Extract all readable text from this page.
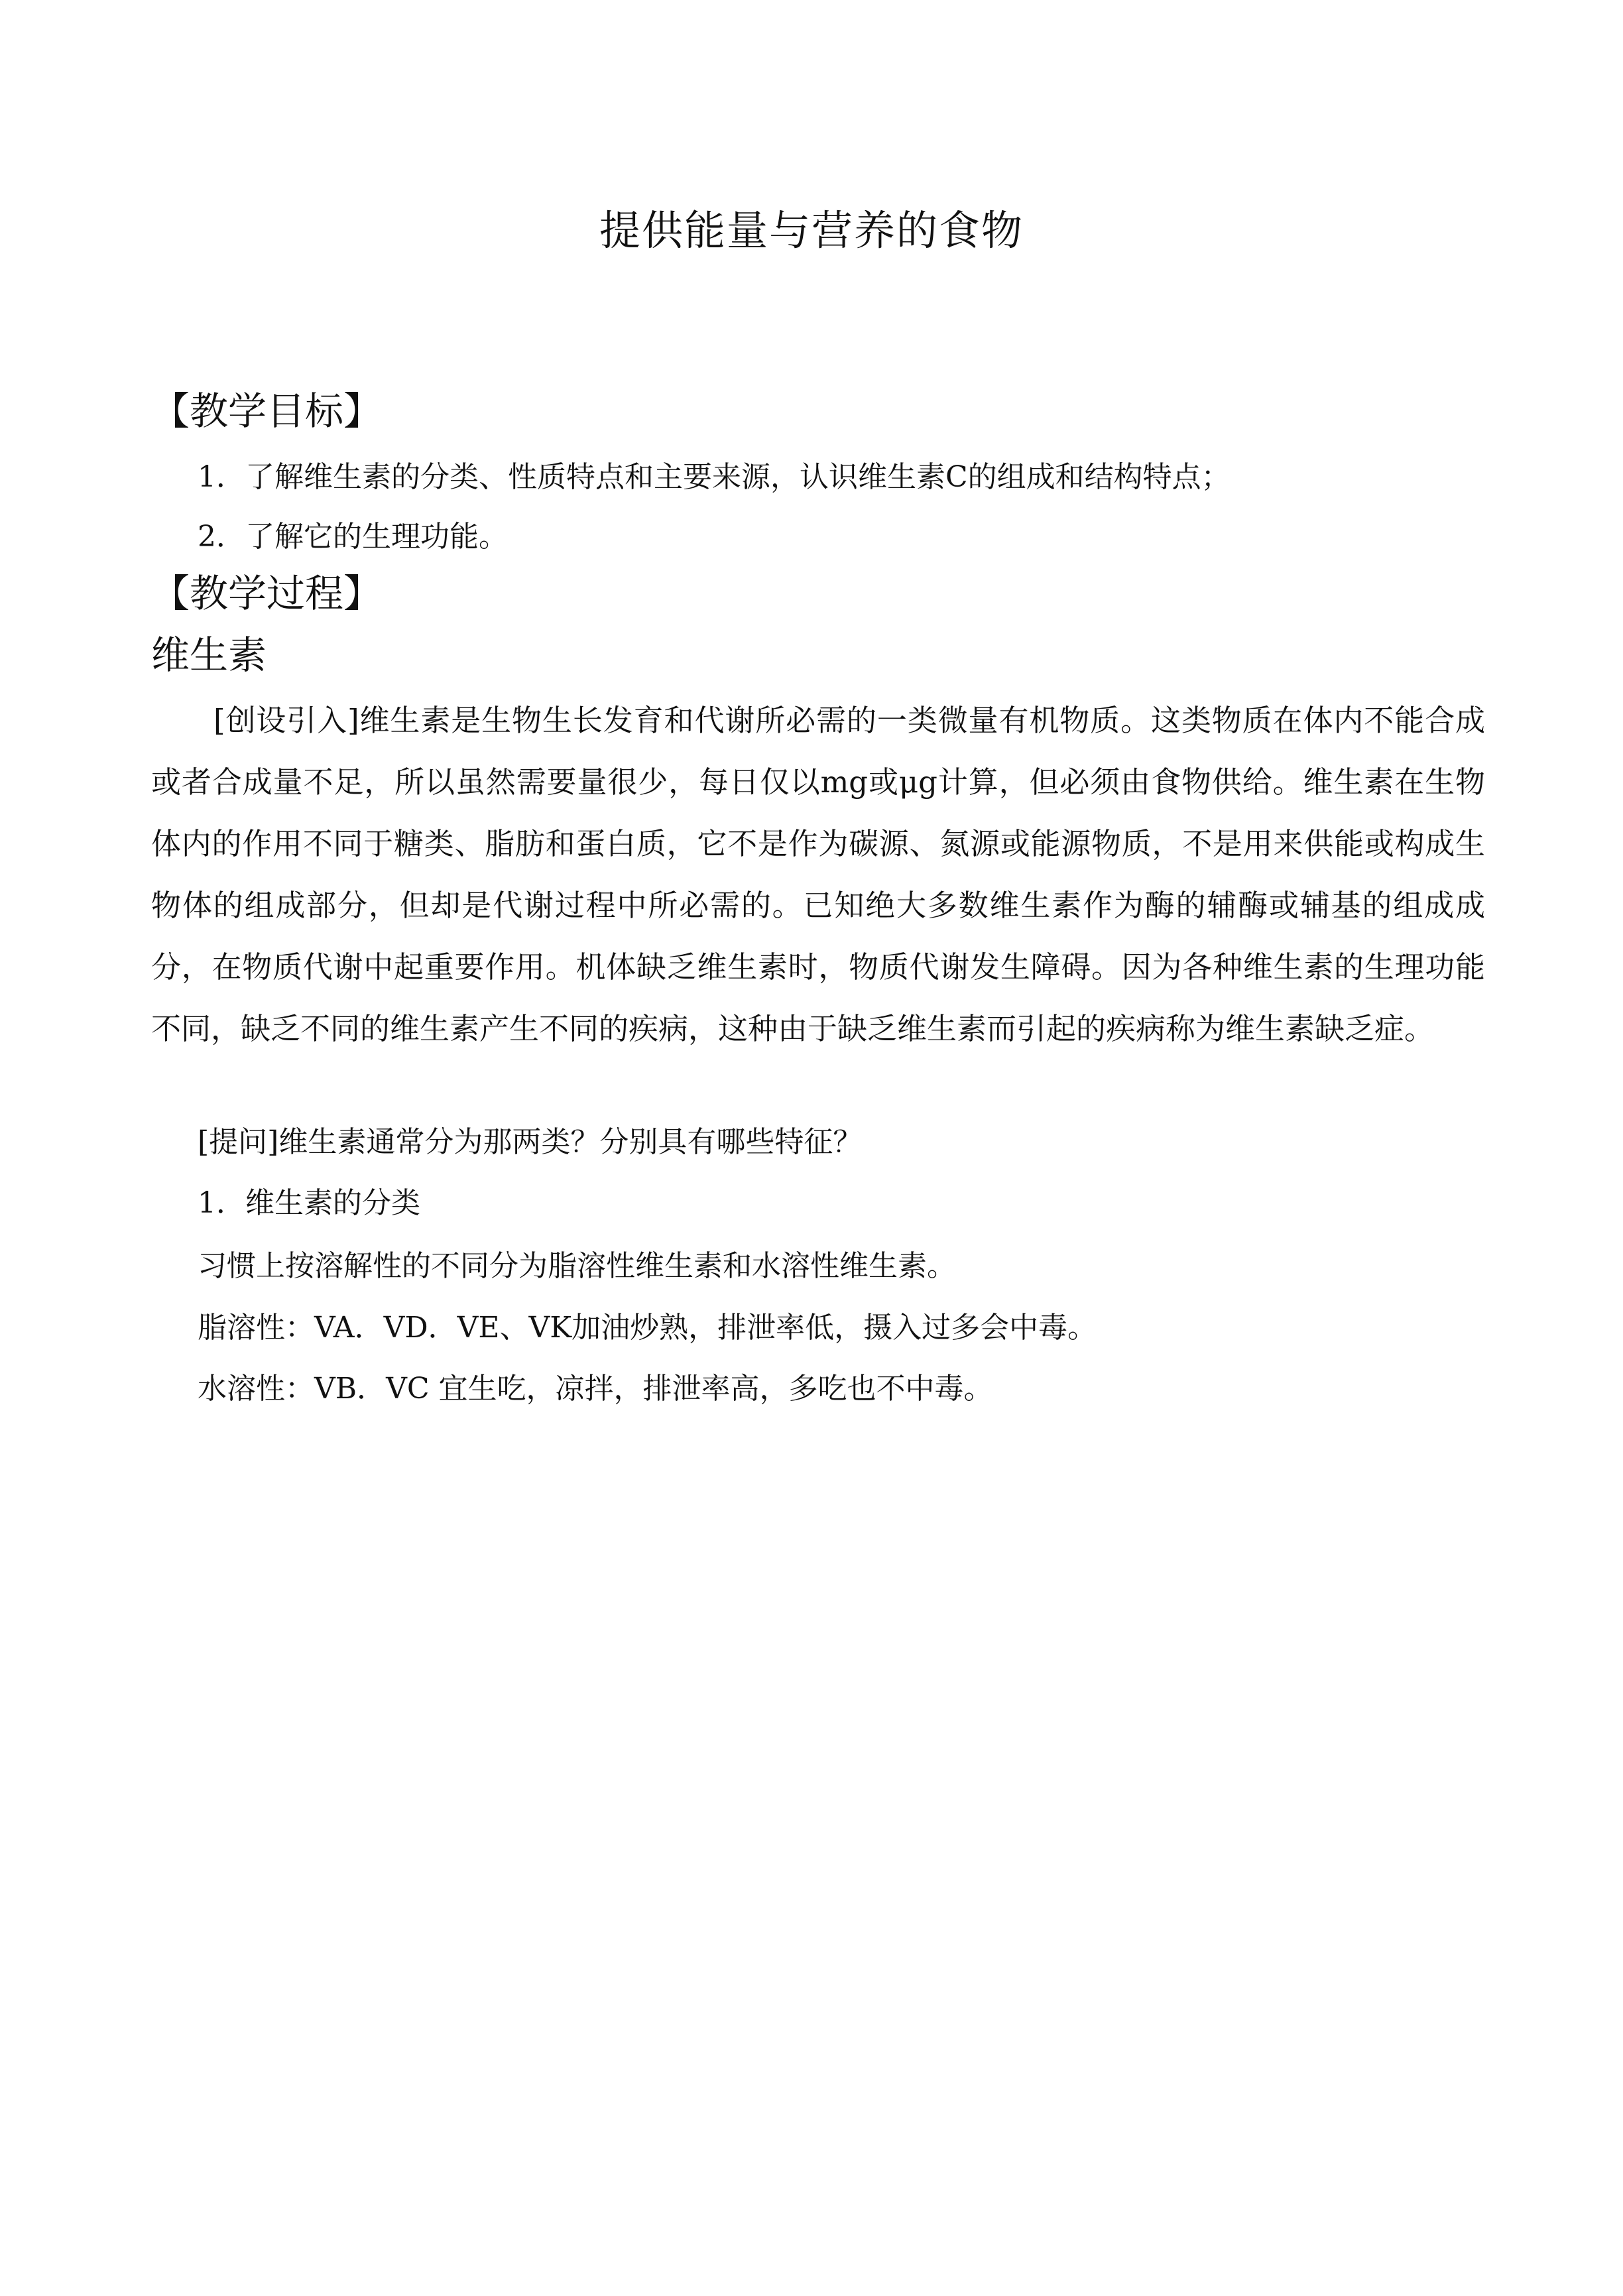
提供能量与营养的食物
【教学目标】
1．了解维生素的分类、性质特点和主要来源，认识维生素C的组成和结构特点；
2．了解它的生理功能。
【教学过程】
维生素
[创设引入]维生素是生物生长发育和代谢所必需的一类微量有机物质。这类物质在体内不能合成或者合成量不足，所以虽然需要量很少，每日仅以mg或μg计算，但必须由食物供给。维生素在生物体内的作用不同于糖类、脂肪和蛋白质，它不是作为碳源、氮源或能源物质，不是用来供能或构成生物体的组成部分，但却是代谢过程中所必需的。已知绝大多数维生素作为酶的辅酶或辅基的组成成分，在物质代谢中起重要作用。机体缺乏维生素时，物质代谢发生障碍。因为各种维生素的生理功能不同，缺乏不同的维生素产生不同的疾病，这种由于缺乏维生素而引起的疾病称为维生素缺乏症。
[提问]维生素通常分为那两类？分别具有哪些特征？
1．维生素的分类
习惯上按溶解性的不同分为脂溶性维生素和水溶性维生素。
脂溶性：VA．VD．VE、VK加油炒熟，排泄率低，摄入过多会中毒。
水溶性：VB．VC 宜生吃，凉拌，排泄率高，多吃也不中毒。
